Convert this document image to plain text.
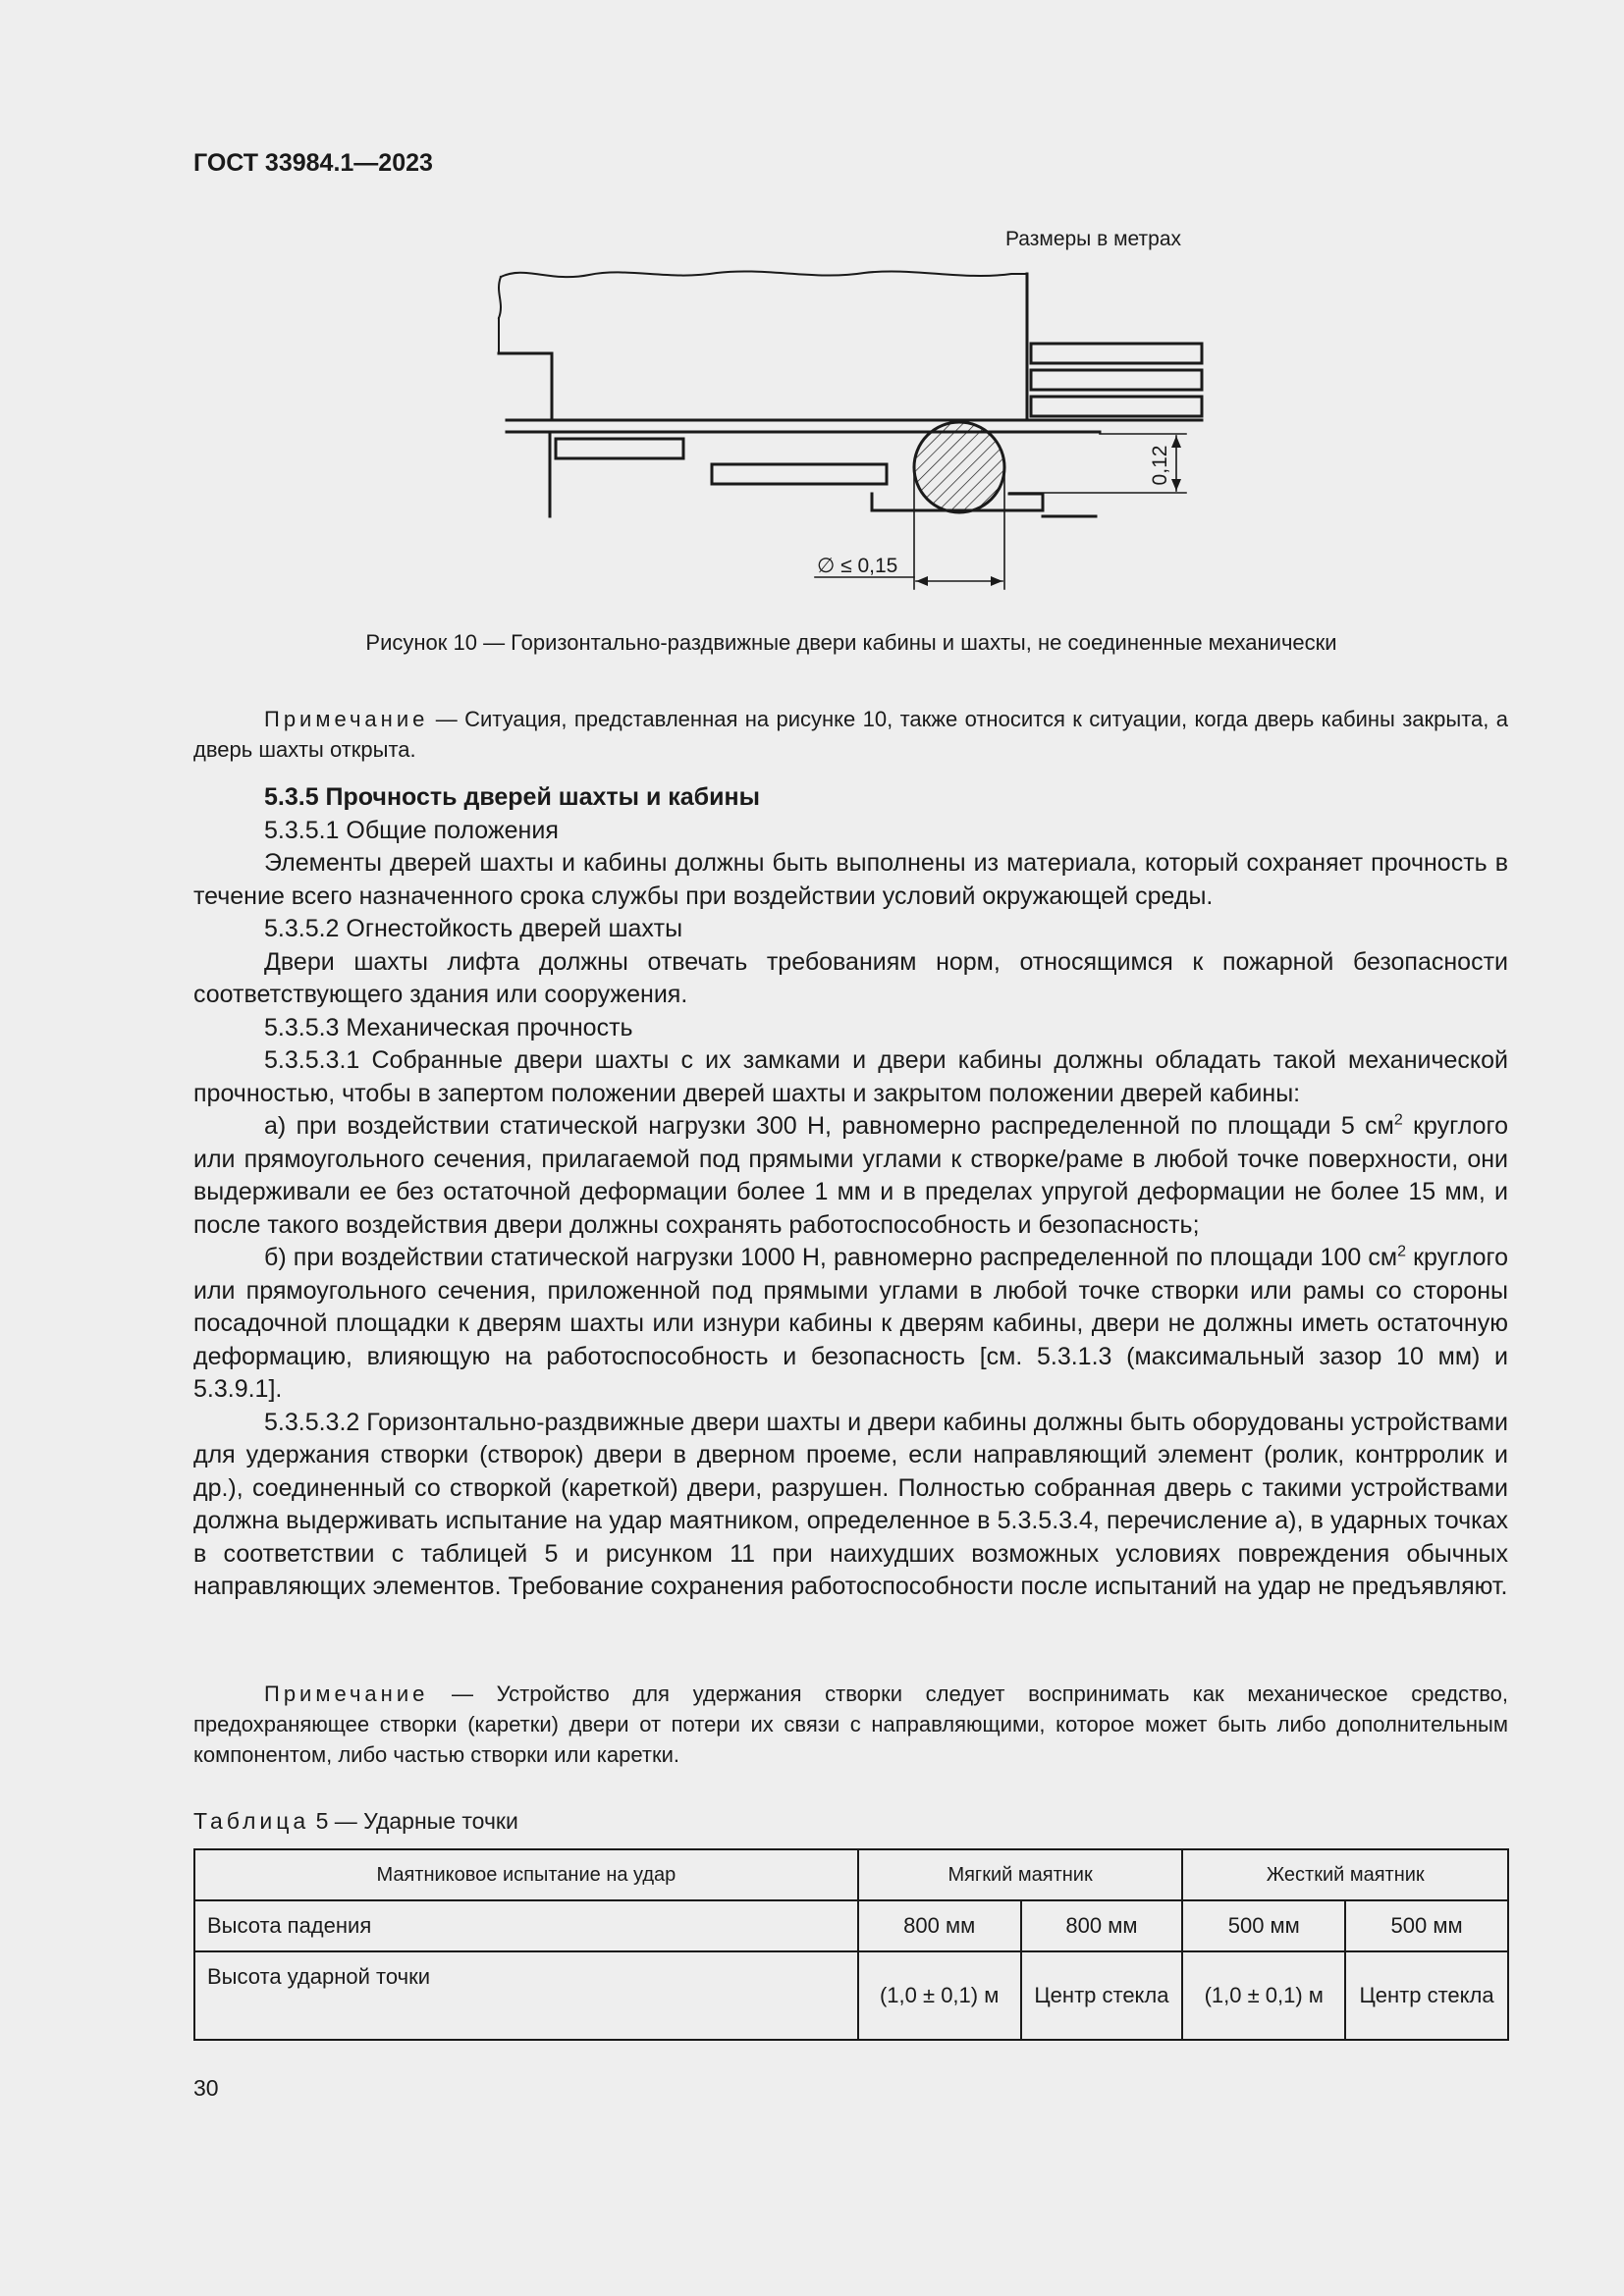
ГОСТ 33984.1—2023
Размеры в метрах
0,12
∅ ≤ 0,15
Рисунок 10 — Горизонтально-раздвижные двери кабины и шахты, не соединенные механически

Примечание — Ситуация, представленная на рисунке 10, также относится к ситуации, когда дверь кабины закрыта, а дверь шахты открыта.

5.3.5 Прочность дверей шахты и кабины

5.3.5.1 Общие положения

Элементы дверей шахты и кабины должны быть выполнены из материала, который сохраняет прочность в течение всего назначенного срока службы при воздействии условий окружающей среды.

5.3.5.2 Огнестойкость дверей шахты

Двери шахты лифта должны отвечать требованиям норм, относящимся к пожарной безопасности соответствующего здания или сооружения.

5.3.5.3 Механическая прочность

5.3.5.3.1 Собранные двери шахты с их замками и двери кабины должны обладать такой механической прочностью, чтобы в запертом положении дверей шахты и закрытом положении дверей кабины:

а) при воздействии статической нагрузки 300 Н, равномерно распределенной по площади 5 $см^2$ круглого или прямоугольного сечения, прилагаемой под прямыми углами к створке/раме в любой точке поверхности, они выдерживали ее без остаточной деформации более 1 мм и в пределах упругой деформации не более 15 мм, и после такого воздействия двери должны сохранять работоспособность и безопасность;

б) при воздействии статической нагрузки 1000 Н, равномерно распределенной по площади 100 $см^2$ круглого или прямоугольного сечения, приложенной под прямыми углами в любой точке створки или рамы со стороны посадочной площадки к дверям шахты или изнури кабины к дверям кабины, двери не должны иметь остаточную деформацию, влияющую на работоспособность и безопасность [см. 5.3.1.3 (максимальный зазор 10 мм) и 5.3.9.1].

5.3.5.3.2 Горизонтально-раздвижные двери шахты и двери кабины должны быть оборудованы устройствами для удержания створки (створок) двери в дверном проеме, если направляющий элемент (ролик, контрролик и др.), соединенный со створкой (кареткой) двери, разрушен. Полностью собранная дверь с такими устройствами должна выдерживать испытание на удар маятником, определенное в 5.3.5.3.4, перечисление а), в ударных точках в соответствии с таблицей 5 и рисунком 11 при наихудших возможных условиях повреждения обычных направляющих элементов. Требование сохранения работоспособности после испытаний на удар не предъявляют.

Примечание — Устройство для удержания створки следует воспринимать как механическое средство, предохраняющее створки (каретки) двери от потери их связи с направляющими, которое может быть либо дополнительным компонентом, либо частью створки или каретки.

Таблица 5 — Ударные точки
Маятниковое испытание на удар	Мягкий маятник		Жесткий маятник	
Высота падения	800 мм	800 мм	500 мм	500 мм
Высота ударной точки	(1,0 ± 0,1) м	Центр стекла	(1,0 ± 0,1) м	Центр стекла
30
